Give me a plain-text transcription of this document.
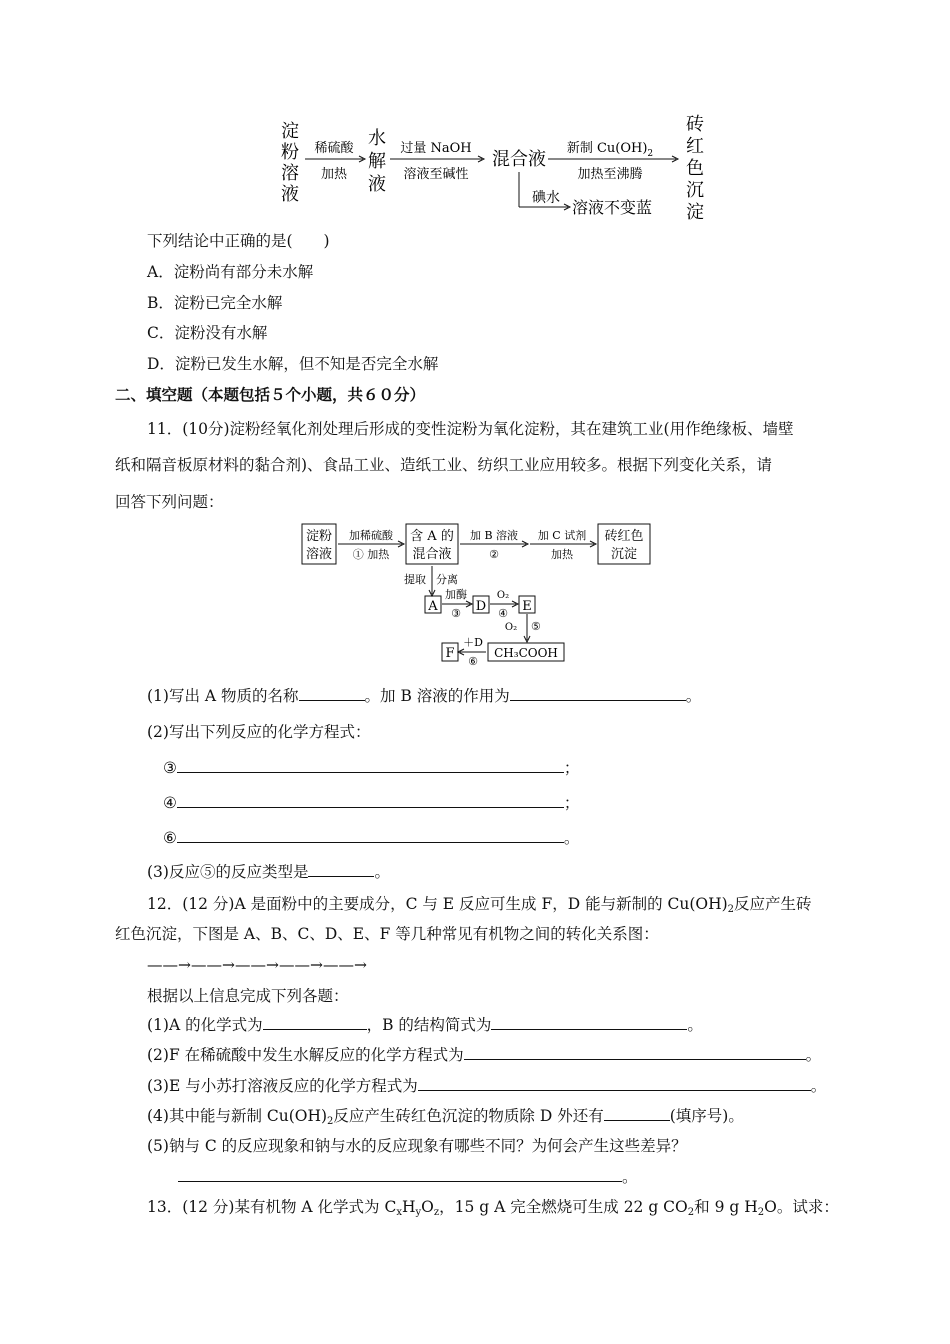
淀
粉
溶
液
稀硫酸
加热
水
解
液
过量 NaOH
溶液至碱性
混合液
新制 $Cu(OH)_2$
加热至沸腾
砖
红
色
沉
淀
碘水 溶液不变蓝
下列结论中正确的是(　　)
A．淀粉尚有部分未水解
B．淀粉已完全水解
C．淀粉没有水解
D．淀粉已发生水解，但不知是否完全水解
二、填空题（本题包括５个小题，共６０分）
11．(10分)淀粉经氧化剂处理后形成的变性淀粉为氧化淀粉，其在建筑工业(用作绝缘板、墙壁
纸和隔音板原材料的黏合剂)、食品工业、造纸工业、纺织工业应用较多。根据下列变化关系，请
回答下列问题：
淀粉
溶液
含 A 的
混合液
砖红色
沉淀
加稀硫酸
① 加热
加 B 溶液
②
加 C 试剂
加热
提取 分离
A
加酶
③ D
O₂
④ E
O₂ ⑤
CH₃COOH
＋D
⑥
F
(1)写出 A 物质的名称	。加 B 溶液的作用为	。
(2)写出下列反应的化学方程式：
③	；
④	；
⑥	。
(3)反应⑤的反应类型是	。
12．(12 分)A 是面粉中的主要成分，C 与 E 反应可生成 F，D 能与新制的 $Cu(OH)_2$反应产生砖
红色沉淀，下图是 A、B、C、D、E、F 等几种常见有机物之间的转化关系图：
——→——→——→——→——→
根据以上信息完成下列各题：
(1)A 的化学式为	，B 的结构简式为	。
(2)F 在稀硫酸中发生水解反应的化学方程式为	。
(3)E 与小苏打溶液反应的化学方程式为	。
(4)其中能与新制 $Cu(OH)_2$反应产生砖红色沉淀的物质除 D 外还有	(填序号)。
(5)钠与 C 的反应现象和钠与水的反应现象有哪些不同？为何会产生这些差异？
。
13．(12 分)某有机物 A 化学式为 $C_xH_yO_z$，15 g A 完全燃烧可生成 22 g $CO_2$和 9 g $H_2O$。试求：
